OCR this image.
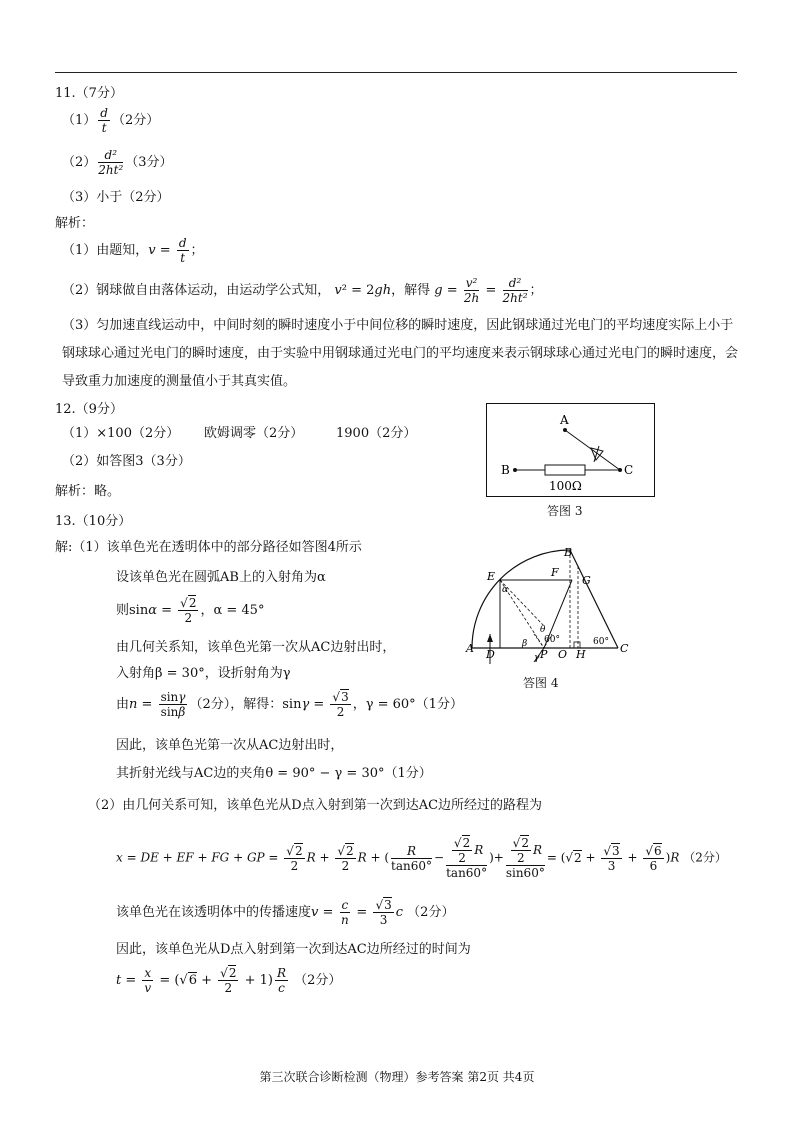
11.（7分）
$(1) \frac{d}{t} (2$分）
$(2) \frac{\text{d²}}{\text{2ht²}} (3$分）
（3）小于（2分）
解析：
（1）由题知，$v = \frac{d}{t}$ ；
（2）钢球做自由落体运动，由运动学公式知， v² = 2gh，解得 $g = \frac{\text{v²}}{2h} = \frac{\text{d²}}{\text{2ht²}}$ ；
（3）匀加速直线运动中，中间时刻的瞬时速度小于中间位移的瞬时速度，因此钢球通过光电门的平均速度实际上小于钢球球心通过光电门的瞬时速度，由于实验中用钢球通过光电门的平均速度来表示钢球球心通过光电门的瞬时速度，会导致重力加速度的测量值小于其真实值。
12.（9分）
（1）×100（2分） 欧姆调零（2分）	1900（2分）
（2）如答图3（3分）
解析：略。
A
B	C
100Ω
答图 3
13.（10分）
解:（1）该单色光在透明体中的部分路径如答图4所示
设该单色光在圆弧AB上的入射角为α
则$\sin\alpha = \frac{√2}{2}$ ，α = 45°
由几何关系知，该单色光第一次从AC边射出时，
入射角β = 30°，设折射角为γ
由$n = \frac{\sin\gamma}{\sin\beta} (2$分），解得：$\sin\gamma = \frac{√3}{2}$ ，γ = 60°（1分）
因此，该单色光第一次从AC边射出时，
其折射光线与AC边的夹角θ = 90° − γ = 30°（1分）
（2）由几何关系可知，该单色光从D点入射到第一次到达AC边所经过的路程为
x = DE + EF + FG + GP = $\frac{√2}{2}$ $R + \frac{√2}{2}$ R + ( $\frac{R}{\tan 60^\circ} - \frac{\frac{√2}{2} R}{\tan 60^\circ}$ )+ $\frac{\frac{√2}{2} R}{\sin 60^\circ} = (√2 + \frac{√3}{3} + \frac{√6}{6} )R$ （2分）
该单色光在该透明体中的传播速度$v = \frac{c}{n} = \frac{√3}{3}$ c （2分）
因此，该单色光从D点入射到第一次到达AC边所经过的时间为
$t = \frac{x}{v} = (√6 + \frac{√2}{2} + 1) \frac{R}{c} (2$分）
A
B
C
D
E	F
G
O
P	H
α
β
γ
θ
60°	60°
答图 4
第三次联合诊断检测（物理）参考答案 第2页 共4页
